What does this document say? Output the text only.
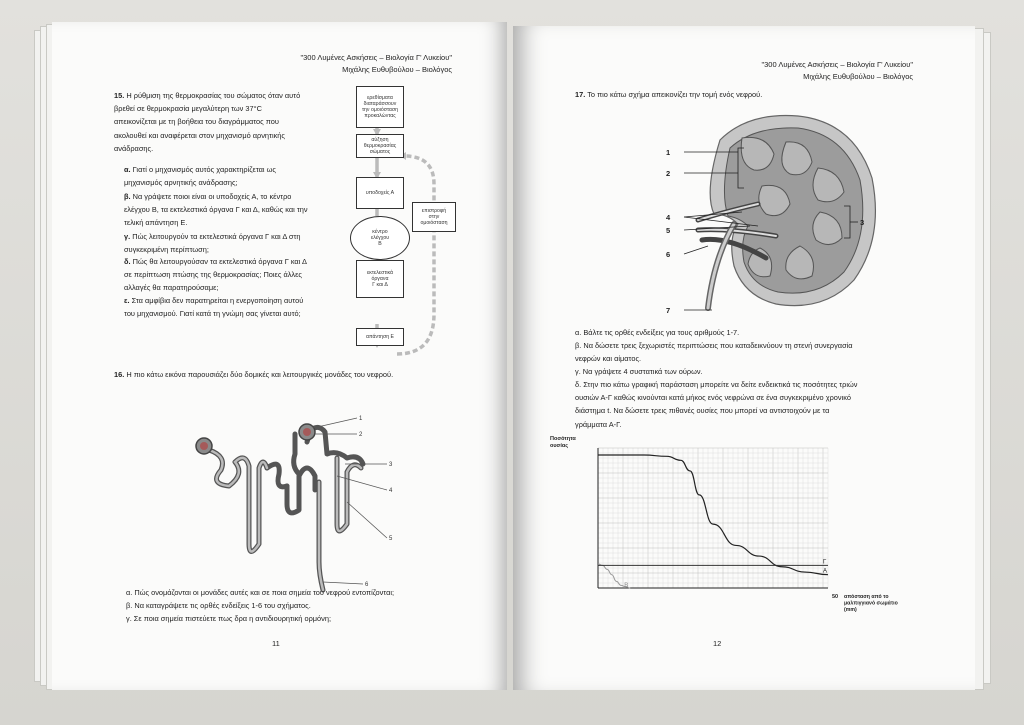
"300 Λυμένες Ασκήσεις – Βιολογία Γ' Λυκείου"
Μιχάλης Ευθυβούλου – Βιολόγος
15. Η ρύθμιση της θερμοκρασίας του σώματος όταν αυτό
βρεθεί σε θερμοκρασία μεγαλύτερη των 37°C
απεικονίζεται με τη βοήθεια του διαγράμματος που
ακολουθεί και αναφέρεται στον μηχανισμό αρνητικής
ανάδρασης.
α. Γιατί ο μηχανισμός αυτός χαρακτηρίζεται ως
μηχανισμός αρνητικής ανάδρασης;
β. Να γράψετε ποιοι είναι οι υποδοχείς Α, το κέντρο
ελέγχου Β, τα εκτελεστικά όργανα Γ και Δ, καθώς και την
τελική απάντηση Ε.
γ. Πώς λειτουργούν τα εκτελεστικά όργανα Γ και Δ στη
συγκεκριμένη περίπτωση;
δ. Πώς θα λειτουργούσαν τα εκτελεστικά όργανα Γ και Δ
σε περίπτωση πτώσης της θερμοκρασίας; Ποιες άλλες
αλλαγές θα παρατηρούσαμε;
ε. Στα αμφίβια δεν παρατηρείται η ενεργοποίηση αυτού
του μηχανισμού. Γιατί κατά τη γνώμη σας γίνεται αυτό;
ερεθίσματα
διαταράσσουν
την ομοιόσταση
προκαλώντας
αύξηση
θερμοκρασίας
σώματος
υποδοχείς Α
κέντρο
ελέγχου
Β
επιστροφή
στην
ομοιόσταση
εκτελεστικά
όργανα
Γ και Δ
απάντηση Ε
16. Η πιο κάτω εικόνα παρουσιάζει δύο δομικές και λειτουργικές μονάδες του νεφρού.
1
2
3
4
5
6
α. Πώς ονομάζονται οι μονάδες αυτές και σε ποια σημεία του νεφρού εντοπίζονται;
β. Να καταγράψετε τις ορθές ενδείξεις 1-6 του σχήματος.
γ. Σε ποια σημεία πιστεύετε πως δρα η αντιδιουρητική ορμόνη;
11
"300 Λυμένες Ασκήσεις – Βιολογία Γ' Λυκείου"
Μιχάλης Ευθυβούλου – Βιολόγος
17. Το πιο κάτω σχήμα απεικονίζει την τομή ενός νεφρού.
1
2
3
4
5
6
7
α. Βάλτε τις ορθές ενδείξεις για τους αριθμούς 1-7.
β. Να δώσετε τρεις ξεχωριστές περιπτώσεις που καταδεικνύουν τη στενή συνεργασία
νεφρών και αίματος.
γ. Να γράψετε 4 συστατικά των ούρων.
δ. Στην πιο κάτω γραφική παράσταση μπορείτε να δείτε ενδεικτικά τις ποσότητες τριών
ουσιών Α-Γ καθώς κινούνται κατά μήκος ενός νεφρώνα σε ένα συγκεκριμένο χρονικό
διάστημα t. Να δώσετε τρεις πιθανές ουσίες που μπορεί να αντιστοιχούν με τα
γράμματα Α-Γ.
Α
Β
Γ
Ποσότητα ουσίας
50 απόσταση από το μαλπιγγιανό σωμάτιο (mm)
12
